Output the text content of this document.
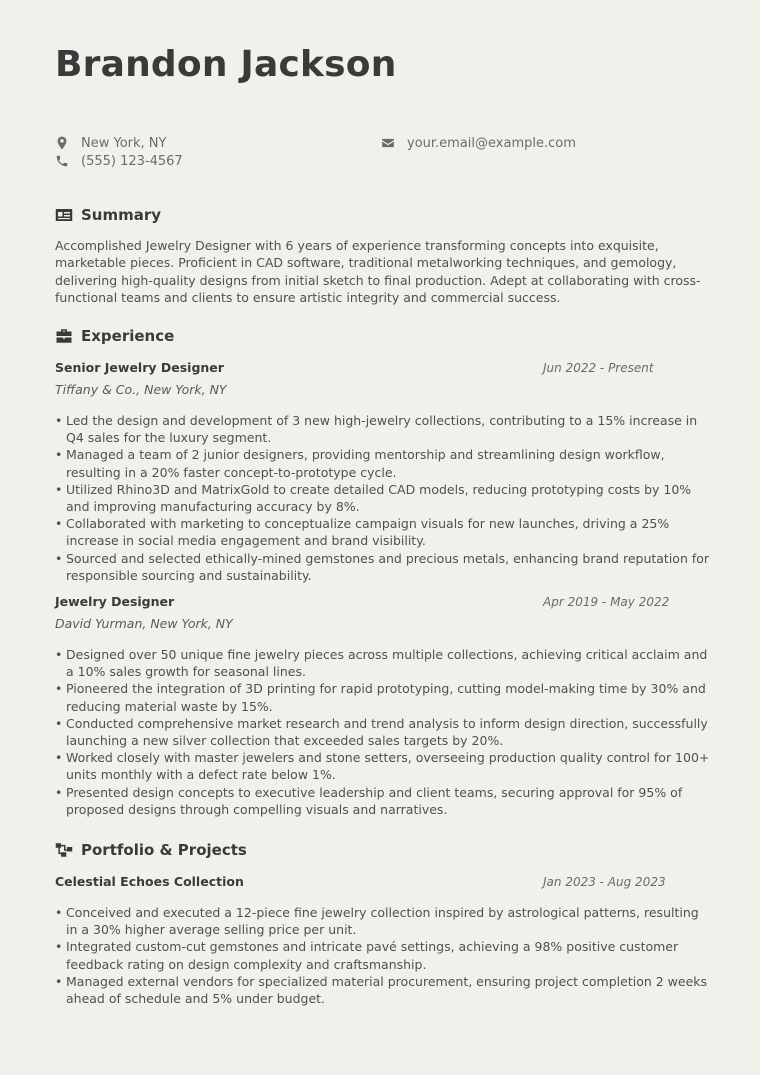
Brandon Jackson
New York, NY
(555) 123-4567
your.email@example.com
Summary

Accomplished Jewelry Designer with 6 years of experience transforming concepts into exquisite, marketable pieces. Proficient in CAD software, traditional metalworking techniques, and gemology, delivering high-quality designs from initial sketch to final production. Adept at collaborating with cross-functional teams and clients to ensure artistic integrity and commercial success.

Experience
Senior Jewelry Designer	Jun 2022 - Present
Tiffany & Co., New York, NY
• Led the design and development of 3 new high-jewelry collections, contributing to a 15% increase in Q4 sales for the luxury segment.
• Managed a team of 2 junior designers, providing mentorship and streamlining design workflow, resulting in a 20% faster concept-to-prototype cycle.
• Utilized Rhino3D and MatrixGold to create detailed CAD models, reducing prototyping costs by 10% and improving manufacturing accuracy by 8%.
• Collaborated with marketing to conceptualize campaign visuals for new launches, driving a 25% increase in social media engagement and brand visibility.
• Sourced and selected ethically-mined gemstones and precious metals, enhancing brand reputation for responsible sourcing and sustainability.
Jewelry Designer	Apr 2019 - May 2022
David Yurman, New York, NY
• Designed over 50 unique fine jewelry pieces across multiple collections, achieving critical acclaim and a 10% sales growth for seasonal lines.
• Pioneered the integration of 3D printing for rapid prototyping, cutting model-making time by 30% and reducing material waste by 15%.
• Conducted comprehensive market research and trend analysis to inform design direction, successfully launching a new silver collection that exceeded sales targets by 20%.
• Worked closely with master jewelers and stone setters, overseeing production quality control for 100+ units monthly with a defect rate below 1%.
• Presented design concepts to executive leadership and client teams, securing approval for 95% of proposed designs through compelling visuals and narratives.
Portfolio & Projects
Celestial Echoes Collection	Jan 2023 - Aug 2023
• Conceived and executed a 12-piece fine jewelry collection inspired by astrological patterns, resulting in a 30% higher average selling price per unit.
• Integrated custom-cut gemstones and intricate pavé settings, achieving a 98% positive customer feedback rating on design complexity and craftsmanship.
• Managed external vendors for specialized material procurement, ensuring project completion 2 weeks ahead of schedule and 5% under budget.
